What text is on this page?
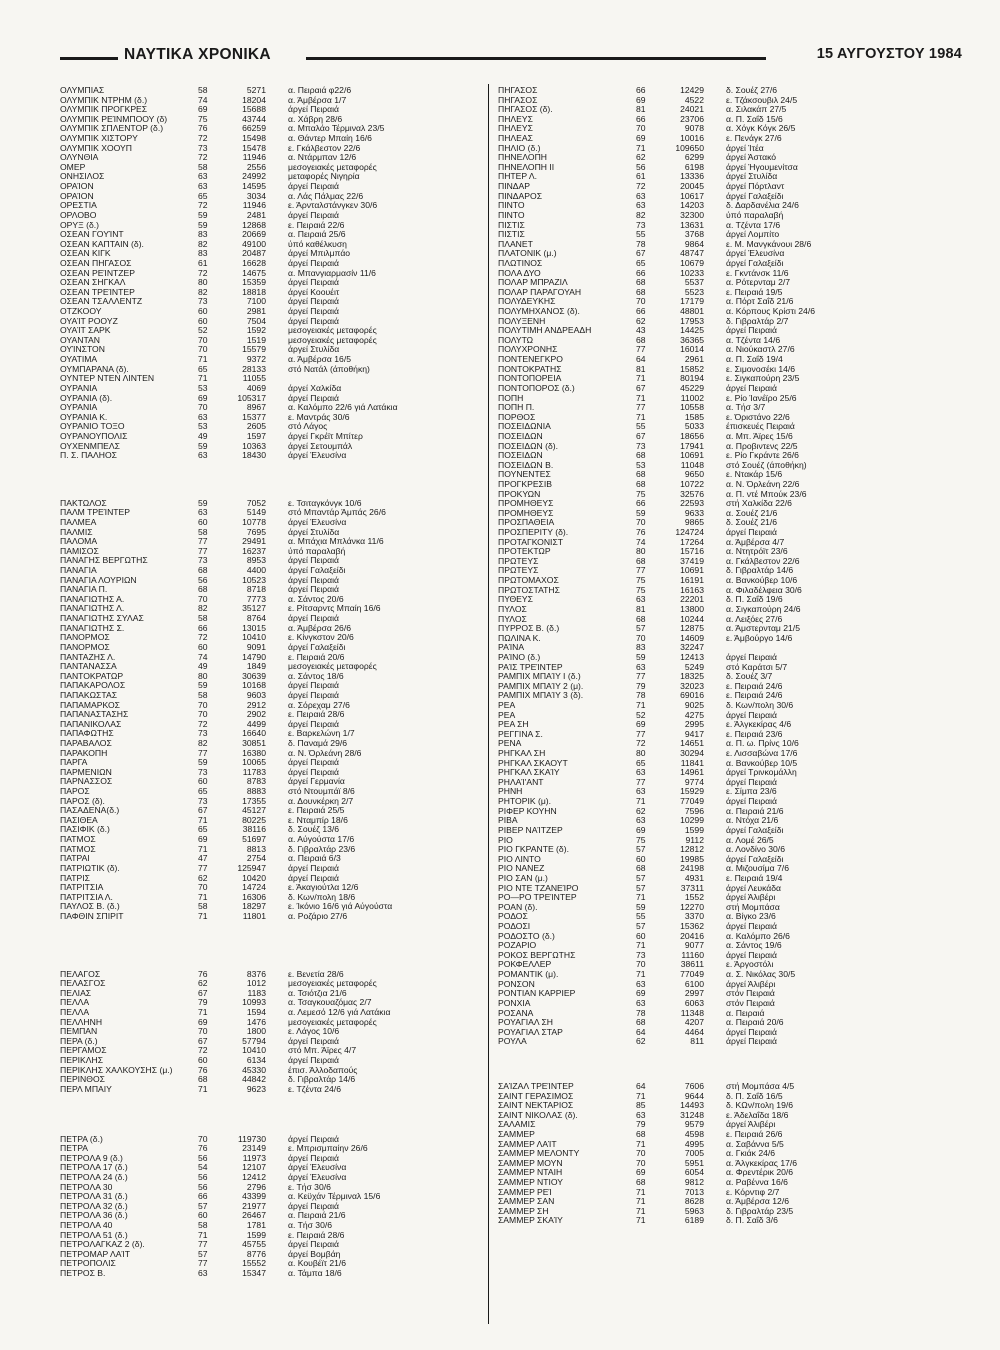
ΝΑΥΤΙΚΑ ΧΡΟΝΙΚΑ	15 ΑΥΓΟΥΣΤΟΥ 1984
ΟΛΥΜΠΙΑΣ	58	5271	α. Πειραιά φ22/6
ΟΛΥΜΠΙΚ ΝΤΡΗΜ (δ.)	74	18204	α. Άμβέρσα 1/7
ΟΛΥΜΠΙΚ ΠΡΟΓΚΡΕΣ	69	15688	άργεί Πειραιά
ΟΛΥΜΠΙΚ ΡΕΊΝΜΠΟΟΥ (δ)	75	43744	α. Χάβρη 28/6
ΟΛΥΜΠΙΚ ΣΠΛΕΝΤΟΡ (δ.)	76	66259	α. Μπαλάο Τέρμιναλ 23/5
ΟΛΥΜΠΙΚ ΧΙΣΤΟΡΥ	72	15498	α. Θάντερ Μπαίη 16/6
ΟΛΥΜΠΙΚ ΧΟΟΥΠ	73	15478	ε. Γκάλβεστον 22/6
ΟΛΥΝΘΙΑ	72	11946	α. Ντάρμπαν 12/6
ΟΜΕΡ	58	2556	μεσογειακές μεταφορές
ΟΝΗΣΙΛΟΣ	63	24992	μεταφορές Νιγηρία
ΟΡΑΊΟΝ	63	14595	άργεί Πειραιά
ΟΡΑΊΟΝ	65	3034	α. Λάς Πάλμας 22/6
ΟΡΕΣΤΙΑ	72	11946	ε. Άρνταλστάνγκεν 30/6
ΟΡΛΟΒΟ	59	2481	άργεί Πειραιά
ΟΡΥΞ (δ.)	59	12868	ε. Πειραιά 22/6
ΟΣΕΑΝ ΓΟΥΊΝΤ	83	20669	α. Πειραιά 25/6
ΟΣΕΑΝ ΚΑΠΤΑΙΝ (δ).	82	49100	ύπό καθέλκυση
ΟΣΕΑΝ ΚΙΓΚ	83	20487	άργεί Μπιλμπάο
ΟΣΕΑΝ ΠΗΓΑΣΟΣ	61	16628	άργεί Πειραιά
ΟΣΕΑΝ ΡΕΊΝΤΖΕΡ	72	14675	α. Μπανγιαρμασίν 11/6
ΟΣΕΑΝ ΣΗΓΚΑΛ	80	15359	άργεί Πειραιά
ΟΣΕΑΝ ΤΡΕΊΝΤΕΡ	82	18818	άργεί Κοουέιτ
ΟΣΕΑΝ ΤΣΑΛΛΕΝΤΖ	73	7100	άργεί Πειραιά
ΟΤΖΚΟΟΥ	60	2981	άργεί Πειραιά
ΟΥΑΊΤ ΡΟΟΥΖ	60	7504	άργεί Πειραιά
ΟΥΑΊΤ ΣΑΡΚ	52	1592	μεσογειακές μεταφορές
ΟΥΑΝΤΑΝ	70	1519	μεσογειακές μεταφορές
ΟΥΊΝΣΤΟΝ	70	15579	άργεί Στυλίδα
ΟΥΑΤΙΜΑ	71	9372	α. Άμβέρσα 16/5
ΟΥΜΠΑΡΑΝΑ (δ).	65	28133	στό Νατάλ (άποθήκη)
ΟΥΝΤΕΡ ΝΤΕΝ ΛΙΝΤΕΝ	71	11055
ΟΥΡΑΝΙΑ	53	4069	άργεί Χαλκίδα
ΟΥΡΑΝΙΑ (δ).	69	105317	άργεί Πειραιά
ΟΥΡΑΝΙΑ	70	8967	α. Καλόμπο 22/6 γιά Λατάκια
ΟΥΡΑΝΙΑ Κ.	63	15377	ε. Μαντράς 30/6
ΟΥΡΑΝΙΟ ΤΟΞΟ	53	2605	στό Λάγος
ΟΥΡΑΝΟΥΠΟΛΙΣ	49	1597	άργεί Γκρέϊτ Μπίτερ
ΟΥΧΕΝΜΠΕΛΣ	59	10363	άργεί Σετουμπάλ
Π. Σ. ΠΑΛΗΟΣ	63	18430	άργεί Έλευσίνα
ΠΑΚΤΩΛΟΣ	59	7052	ε. Τσιταγκόνγκ 10/6
ΠΑΛΜ ΤΡΕΊΝΤΕΡ	63	5149	στό Μπαντάρ Άμπάς 26/6
ΠΑΛΜΕΑ	60	10778	άργεί Έλευσίνα
ΠΑΛΜΙΣ	58	7695	άργεί Στυλίδα
ΠΑΛΟΜΑ	77	29491	α. Μπάχια Μπλάνκα 11/6
ΠΑΜΙΣΟΣ	77	16237	ύπό παραλαβή
ΠΑΝΑΓΗΣ ΒΕΡΓΩΤΗΣ	73	8953	άργεί Πειραιά
ΠΑΝΑΓΙΑ	68	4400	άργεί Γαλαξείδι
ΠΑΝΑΓΙΑ ΛΟΥΡΙΩΝ	56	10523	άργεί Πειραιά
ΠΑΝΑΓΙΑ Π.	68	8718	άργεί Πειραιά
ΠΑΝΑΓΙΩΤΗΣ Α.	70	7773	α. Σάντος 20/6
ΠΑΝΑΓΙΩΤΗΣ Λ.	82	35127	ε. Ρίτσαρντς Μπαίη 16/6
ΠΑΝΑΓΙΩΤΗΣ ΣΥΛΑΣ	58	8764	άργεί Πειραιά
ΠΑΝΑΓΙΩΤΗΣ Σ.	66	13015	α. Άμβέρσα 26/6
ΠΑΝΟΡΜΟΣ	72	10410	ε. Κίνγκστον 20/6
ΠΑΝΟΡΜΟΣ	60	9091	άργεί Γαλαξείδι
ΠΑΝΤΑΖΗΣ Λ.	74	14790	ε. Πειραιά 20/6
ΠΑΝΤΑΝΑΣΣΑ	49	1849	μεσογειακές μεταφορές
ΠΑΝΤΟΚΡΑΤΩΡ	80	30639	α. Σάντος 18/6
ΠΑΠΑΚΑΡΟΛΟΣ	59	10168	άργεί Πειραιά
ΠΑΠΑΚΩΣΤΑΣ	58	9603	άργεί Πειραιά
ΠΑΠΑΜΑΡΚΟΣ	70	2912	α. Σόρεχαμ 27/6
ΠΑΠΑΝΑΣΤΑΣΗΣ	70	2902	ε. Πειραιά 28/6
ΠΑΠΑΝΙΚΟΛΑΣ	72	4499	άργεί Πειραιά
ΠΑΠΑΦΩΤΗΣ	73	16640	ε. Βαρκελώνη 1/7
ΠΑΡΑΒΑΛΟΣ	82	30851	δ. Παναμά 29/6
ΠΑΡΑΚΟΠΗ	77	16380	α. Ν. Όρλεάνη 28/6
ΠΑΡΓΑ	59	10065	άργεί Πειραιά
ΠΑΡΜΕΝΙΩΝ	73	11783	άργεί Πειραιά
ΠΑΡΝΑΣΣΟΣ	60	8783	άργεί Γερμανία
ΠΑΡΟΣ	65	8883	στό Ντουμπάϊ 8/6
ΠΑΡΟΣ (δ).	73	17355	α. Δουνκέρκη 2/7
ΠΑΣΑΔΕΝΑ(δ.)	67	45127	ε. Πειραιά 25/5
ΠΑΣΙΘΕΑ	71	80225	ε. Νταμπίρ 18/6
ΠΑΣΙΦΙΚ (δ.)	65	38116	δ. Σουέζ 13/6
ΠΑΤΜΟΣ	69	51697	α. Αύγούστα 17/6
ΠΑΤΜΟΣ	71	8813	δ. Γιβραλτάρ 23/6
ΠΑΤΡΑΙ	47	2754	α. Πειραιά 6/3
ΠΑΤΡΙΩΤΙΚ (δ).	77	125947	άργεί Πειραιά
ΠΑΤΡΙΣ	62	10420	άργεί Πειραιά
ΠΑΤΡΙΤΣΙΑ	70	14724	ε. Άκαγιούτλα 12/6
ΠΑΤΡΙΤΣΙΑ Λ.	71	16306	δ. Κων/πολη 18/6
ΠΑΥΛΟΣ Β. (δ.)	58	18297	ε. Ίκόνιο 16/6 γιά Αύγούστα
ΠΑΦΘΙΝ ΣΠΙΡΙΤ	71	11801	α. Ροζάριο 27/6
ΠΕΛΑΓΟΣ	76	8376	ε. Βενετία 28/6
ΠΕΛΑΣΓΟΣ	62	1012	μεσογειακές μεταφορές
ΠΕΛΙΑΣ	67	1183	α. Τσιότζια 21/6
ΠΕΛΛΑ	79	10993	α. Τσαγκουαζόμας 2/7
ΠΕΛΛΑ	71	1594	α. Λεμεσό 12/6 γιά Λατάκια
ΠΕΛΛΗΝΗ	69	1476	μεσογειακές μεταφορές
ΠΕΜΠΑΝ	70	1800	ε. Λάγος 10/6
ΠΕΡΑ (δ.)	67	57794	άργεί Πειραιά
ΠΕΡΓΑΜΟΣ	72	10410	στό Μπ. Άϊρες 4/7
ΠΕΡΙΚΛΗΣ	60	6134	άργεί Πειραιά
ΠΕΡΙΚΛΗΣ ΧΑΛΚΟΥΣΗΣ (μ.)	76	45330	έπισ. Άλλοδαπούς
ΠΕΡΙΝΘΟΣ	68	44842	δ. Γιβραλτάρ 14/6
ΠΕΡΛ ΜΠΑΙΥ	71	9623	ε. Τζέντα 24/6
ΠΕΤΡΑ (δ.)	70	119730	άργεί Πειραιά
ΠΕΤΡΑ	76	23149	ε. Μπρισμπαίην 26/6
ΠΕΤΡΟΛΑ 9 (δ.)	56	11973	άργεί Πειραιά
ΠΕΤΡΟΛΑ 17 (δ.)	54	12107	άργεί Έλευσίνα
ΠΕΤΡΟΛΑ 24 (δ.)	56	12412	άργεί Έλευσίνα
ΠΕΤΡΟΛΑ 30	56	2796	ε. Τήσ 30/6
ΠΕΤΡΟΛΑ 31 (δ.)	66	43399	α. Κεϋχάν Τέρμιναλ 15/6
ΠΕΤΡΟΛΑ 32 (δ.)	57	21977	άργεί Πειραιά
ΠΕΤΡΟΛΑ 36 (δ.)	60	26467	α. Πειραιά 21/6
ΠΕΤΡΟΛΑ 40	58	1781	α. Τήσ 30/6
ΠΕΤΡΟΛΑ 51 (δ.)	71	1599	ε. Πειραιά 28/6
ΠΕΤΡΟΛΑΓΚΑΖ 2 (δ).	77	45755	άργεί Πειραιά
ΠΕΤΡΟΜΑΡ ΛΑΊΤ	57	8776	άργεί Βομβάη
ΠΕΤΡΟΠΟΛΙΣ	77	15552	α. Κουβέϊτ 21/6
ΠΕΤΡΟΣ Β.	63	15347	α. Τάμπα 18/6
ΠΗΓΑΣΟΣ	66	12429	δ. Σουέζ 27/6
ΠΗΓΑΣΟΣ	69	4522	ε. Τζάκσουβιλ 24/5
ΠΗΓΑΣΟΣ (δ).	81	24021	α. Σιλακάπ 27/5
ΠΗΛΕΥΣ	66	23706	α. Π. Σαΐδ 15/6
ΠΗΛΕΥΣ	70	9078	α. Χόγκ Κόγκ 26/5
ΠΗΛΕΑΣ	69	10016	ε. Πενάγκ 27/6
ΠΗΛΙΟ (δ.)	71	109650	άργεί Ίτέα
ΠΗΝΕΛΟΠΗ	62	6299	άργεί Άστακό
ΠΗΝΕΛΟΠΗ ΙΙ	56	6198	άργεί Ήγουμενίτσα
ΠΗΤΕΡ Λ.	61	13336	άργεί Στυλίδα
ΠΙΝΔΑΡ	72	20045	άργεί Πόρτλαντ
ΠΙΝΔΑΡΟΣ	63	10617	άργεί Γαλαξείδι
ΠΙΝΤΟ	63	14203	δ. Δαρδανέλια 24/6
ΠΙΝΤΟ	82	32300	ύπό παραλαβή
ΠΙΣΤΙΣ	73	13631	α. Τζέντα 17/6
ΠΙΣΤΙΣ	55	3768	άργεί Λομπίτο
ΠΛΑΝΕΤ	78	9864	ε. Μ. Μανγκάνουι 28/6
ΠΛΑΤΟΝΙΚ (μ.)	67	48747	άργεί Έλευσίνα
ΠΛΩΤΙΝΟΣ	65	10679	άργεί Γαλαξείδι
ΠΟΛΑ ΔΥΟ	66	10233	ε. Γκντάνσκ 11/6
ΠΟΛΑΡ ΜΠΡΑΖΙΛ	68	5537	α. Ρότερνταμ 2/7
ΠΟΛΑΡ ΠΑΡΑΓΟΥΑΗ	68	5523	ε. Πειραιά 19/5
ΠΟΛΥΔΕΥΚΗΣ	70	17179	α. Πόρτ Σαΐδ 21/6
ΠΟΛΥΜΗΧΑΝΟΣ (δ).	66	48801	α. Κόρπους Κρίστι 24/6
ΠΟΛΥΞΕΝΗ	62	17953	δ. Γιβραλτάρ 2/7
ΠΟΛΥΤΙΜΗ ΑΝΔΡΕΑΔΗ	43	14425	άργεί Πειραιά
ΠΟΛΥΤΩ	68	36365	α. Τζέντα 14/6
ΠΟΛΥΧΡΟΝΗΣ	77	16014	α. Νιούκαστλ 27/6
ΠΟΝΤΕΝΕΓΚΡΟ	64	2961	α. Π. Σαΐδ 19/4
ΠΟΝΤΟΚΡΑΤΗΣ	81	15852	ε. Σιμονοσέκι 14/6
ΠΟΝΤΟΠΟΡΕΙΑ	71	80194	ε. Σιγκαπούρη 23/5
ΠΟΝΤΟΠΟΡΟΣ (δ.)	67	45229	άργεί Πειραιά
ΠΟΠΗ	71	11002	ε. Ρίο Ίανέϊρο 25/6
ΠΟΠΗ Π.	77	10558	α. Τήσ 3/7
ΠΟΡΘΟΣ	71	1585	ε. Όριστάνο 22/6
ΠΟΣΕΙΔΩΝΙΑ	55	5033	έπισκευές Πειραιά
ΠΟΣΕΙΔΩΝ	67	18656	α. Μπ. Άϊρες 15/6
ΠΟΣΕΙΔΩΝ (δ).	73	17941	α. Προβιντενς 22/5
ΠΟΣΕΙΔΩΝ	68	10691	ε. Ρίο Γκράντε 26/6
ΠΟΣΕΙΔΩΝ Β.	53	11048	στό Σουέζ (άποθήκη)
ΠΟΥΝΕΝΤΕΣ	68	9650	ε. Ντακάρ 15/6
ΠΡΟΓΚΡΕΣΙΒ	68	10722	α. Ν. Όρλεάνη 22/6
ΠΡΟΚΥΩΝ	75	32576	α. Π. ντέ Μπούκ 23/6
ΠΡΟΜΗΘΕΥΣ	66	22593	στή Χαλκίδα 22/6
ΠΡΟΜΗΘΕΥΣ	59	9633	α. Σουέζ 21/6
ΠΡΟΣΠΑΘΕΙΑ	70	9865	δ. Σουέζ 21/6
ΠΡΟΣΠΕΡΙΤΥ (δ).	76	124724	άργεί Πειραιά
ΠΡΟΤΑΓΚΟΝΙΣΤ	74	17264	α. Άμβέρσα 4/7
ΠΡΟΤΕΚΤΩΡ	80	15716	α. Ντητρόϊτ 23/6
ΠΡΩΤΕΥΣ	68	37419	α. Γκάλβεστον 22/6
ΠΡΩΤΕΥΣ	77	10691	δ. Γιβραλτάρ 14/6
ΠΡΩΤΟΜΑΧΟΣ	75	16191	α. Βανκούβερ 10/6
ΠΡΩΤΟΣΤΑΤΗΣ	75	16163	α. Φιλαδέλφεια 30/6
ΠΥΘΕΥΣ	63	22201	δ. Π. Σαΐδ 19/6
ΠΥΛΟΣ	81	13800	α. Σιγκαπούρη 24/6
ΠΥΛΟΣ	68	10244	α. Λειξόες 27/6
ΠΥΡΡΟΣ Β. (δ.)	57	12875	α. Άμστερνταμ 21/5
ΠΩΛΙΝΑ Κ.	70	14609	ε. Άμβούργο 14/6
ΡΑΊΝΑ	83	32247
ΡΑΊΝΟ (δ.)	59	12413	άργεί Πειραιά
ΡΑΊΣ ΤΡΕΊΝΤΕΡ	63	5249	στό Καράτσι 5/7
ΡΑΜΠΙΧ ΜΠΑΊΥ Ι (δ.)	77	18325	δ. Σουέζ 3/7
ΡΑΜΠΙΧ ΜΠΑΊΥ 2 (μ).	79	32023	ε. Πειραιά 24/6
ΡΑΜΠΙΧ ΜΠΑΊΥ 3 (δ).	78	69016	ε. Πειραιά 24/6
ΡΕΑ	71	9025	δ. Κων/πολη 30/6
ΡΕΑ	52	4275	άργεί Πειραιά
ΡΕΑ ΣΗ	69	2995	ε. Άλγκεκίρας 4/6
ΡΕΓΓΙΝΑ Σ.	77	9417	ε. Πειραιά 23/6
ΡΕΝΑ	72	14651	α. Π. ω. Πρίνς 10/6
ΡΗΓΚΑΛ ΣΗ	80	30294	ε. Λισσαβώνα 17/6
ΡΗΓΚΑΛ ΣΚΑΟΥΤ	65	11841	α. Βανκούβερ 10/5
ΡΗΓΚΑΛ ΣΚΑΊΥ	63	14961	άργεί Τρινκομάλλη
ΡΗΛΑΊ'ΑΝΤ	77	9774	άργεί Πειραιά
ΡΗΝΗ	63	15929	ε. Σίμπα 23/6
ΡΗΤΟΡΙΚ (μ).	71	77049	άργεί Πειραιά
ΡΙΦΕΡ ΚΟΥΗΝ	62	7596	α. Πειραιά 21/6
ΡΙΒΑ	63	10299	α. Ντόχα 21/6
ΡΙΒΕΡ ΝΑΊΤΖΕΡ	69	1599	άργεί Γαλαξείδι
ΡΙΟ	75	9112	α. Λομέ 26/5
ΡΙΟ ΓΚΡΑΝΤΕ (δ).	57	12812	α. Λονδίνο 30/6
ΡΙΟ ΛΙΝΤΟ	60	19985	άργεί Γαλαξείδι
ΡΙΟ ΝΑΝΕΖ	68	24198	α. Μιζουσίμα 7/6
ΡΙΟ ΣΑΝ (μ.)	57	4931	ε. Πειραιά 19/4
ΡΙΟ ΝΤΕ ΤΖΑΝΕΊΡΟ	57	37311	άργεί Λευκάδα
ΡΟ—ΡΟ ΤΡΕΊΝΤΕΡ	71	1552	άργεί Άλιβέρι
ΡΟΑΝ (δ).	59	12270	στή Μομπάσα
ΡΟΔΟΣ	55	3370	α. Βίγκο 23/6
ΡΟΔΟΣΙ	57	15362	άργεί Πειραιά
ΡΟΔΟΣΤΟ (δ.)	60	20416	α. Καλόμπο 26/6
ΡΟΖΑΡΙΟ	71	9077	α. Σάντος 19/6
ΡΟΚΟΣ ΒΕΡΓΩΤΗΣ	73	11160	άργεί Πειραιά
ΡΟΚΦΕΛΛΕΡ	70	38611	ε. Άργοστόλι
ΡΟΜΑΝΤΙΚ (μ).	71	77049	α. Σ. Νικόλας 30/5
ΡΟΝΣΟΝ	63	6100	άργεί Άλιβέρι
ΡΟΝΤΙΑΝ ΚΑΡΡΙΕΡ	69	2997	στόν Πειραιά
ΡΟΝΧΙΑ	63	6063	στόν Πειραιά
ΡΟΣΑΝΑ	78	11348	α. Πειραιά
ΡΟΥΑΓΙΑΛ ΣΗ	68	4207	α. Πειραιά 20/6
ΡΟΥΑΓΙΑΛ ΣΤΑΡ	64	4464	άργεί Πειραιά
ΡΟΥΛΑ	62	811	άργεί Πειραιά
ΣΑΊΖΑΛ ΤΡΕΊΝΤΕΡ	64	7606	στή Μομπάσα 4/5
ΣΑΙΝΤ ΓΕΡΑΣΙΜΟΣ	71	9644	δ. Π. Σαΐδ 16/5
ΣΑΙΝΤ ΝΕΚΤΑΡΙΟΣ	85	14493	δ. ΚΩν/πολη 19/6
ΣΑΙΝΤ ΝΙΚΟΛΑΣ (δ).	63	31248	ε. Άδελαΐδα 18/6
ΣΑΛΑΜΙΣ	79	9579	άργεί Άλιβέρι
ΣΑΜΜΕΡ	68	4598	ε. Πειραιά 26/6
ΣΑΜΜΕΡ ΛΑΊΤ	71	4995	α. Σαβάννα 5/5
ΣΑΜΜΕΡ ΜΕΛΟΝΤΥ	70	7005	α. Γκιάκ 24/6
ΣΑΜΜΕΡ ΜΟΥΝ	70	5951	α. Άλγκεκίρας 17/6
ΣΑΜΜΕΡ ΝΤΑΙΗ	69	6054	α. Φρεντέρικ 20/6
ΣΑΜΜΕΡ ΝΤΙΟΥ	68	9812	α. Ραβέννα 16/6
ΣΑΜΜΕΡ ΡΕΊ	71	7013	ε. Κόρντιφ 2/7
ΣΑΜΜΕΡ ΣΑΝ	71	8628	α. Άμβέρσα 12/6
ΣΑΜΜΕΡ ΣΗ	71	5963	δ. Γιβραλτάρ 23/5
ΣΑΜΜΕΡ ΣΚΑΊΥ	71	6189	δ. Π. Σαΐδ 3/6
